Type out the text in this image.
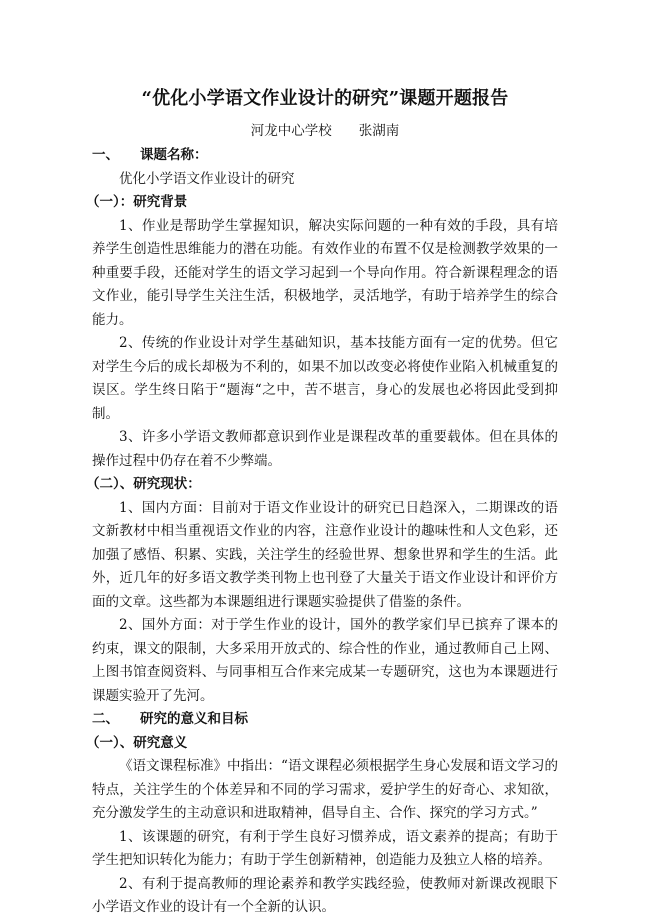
“优化小学语文作业设计的研究”课题开题报告
河龙中心学校　　张湖南
一、	课题名称：

优化小学语文作业设计的研究

（一）：研究背景

1、作业是帮助学生掌握知识，解决实际问题的一种有效的手段，具有培养学生创造性思维能力的潜在功能。有效作业的布置不仅是检测教学效果的一种重要手段，还能对学生的语文学习起到一个导向作用。符合新课程理念的语文作业，能引导学生关注生活，积极地学，灵活地学，有助于培养学生的综合能力。

2、传统的作业设计对学生基础知识，基本技能方面有一定的优势。但它对学生今后的成长却极为不利的，如果不加以改变必将使作业陷入机械重复的误区。学生终日陷于“题海“之中，苦不堪言，身心的发展也必将因此受到抑制。

3、许多小学语文教师都意识到作业是课程改革的重要载体。但在具体的操作过程中仍存在着不少弊端。

（二）、研究现状：

1、国内方面：目前对于语文作业设计的研究已日趋深入，二期课改的语文新教材中相当重视语文作业的内容，注意作业设计的趣味性和人文色彩，还加强了感悟、积累、实践，关注学生的经验世界、想象世界和学生的生活。此外，近几年的好多语文教学类刊物上也刊登了大量关于语文作业设计和评价方面的文章。这些都为本课题组进行课题实验提供了借鉴的条件。

2、国外方面：对于学生作业的设计，国外的教学家们早已摈弃了课本的约束，课文的限制，大多采用开放式的、综合性的作业，通过教师自己上网、上图书馆查阅资料、与同事相互合作来完成某一专题研究，这也为本课题进行课题实验开了先河。

二、	研究的意义和目标
（一）、研究意义

《语文课程标准》中指出：“语文课程必须根据学生身心发展和语文学习的特点，关注学生的个体差异和不同的学习需求，爱护学生的好奇心、求知欲，充分激发学生的主动意识和进取精神，倡导自主、合作、探究的学习方式。”

1、该课题的研究，有利于学生良好习惯养成，语文素养的提高；有助于学生把知识转化为能力；有助于学生创新精神，创造能力及独立人格的培养。

2、有利于提高教师的理论素养和教学实践经验，使教师对新课改视眼下小学语文作业的设计有一个全新的认识。
